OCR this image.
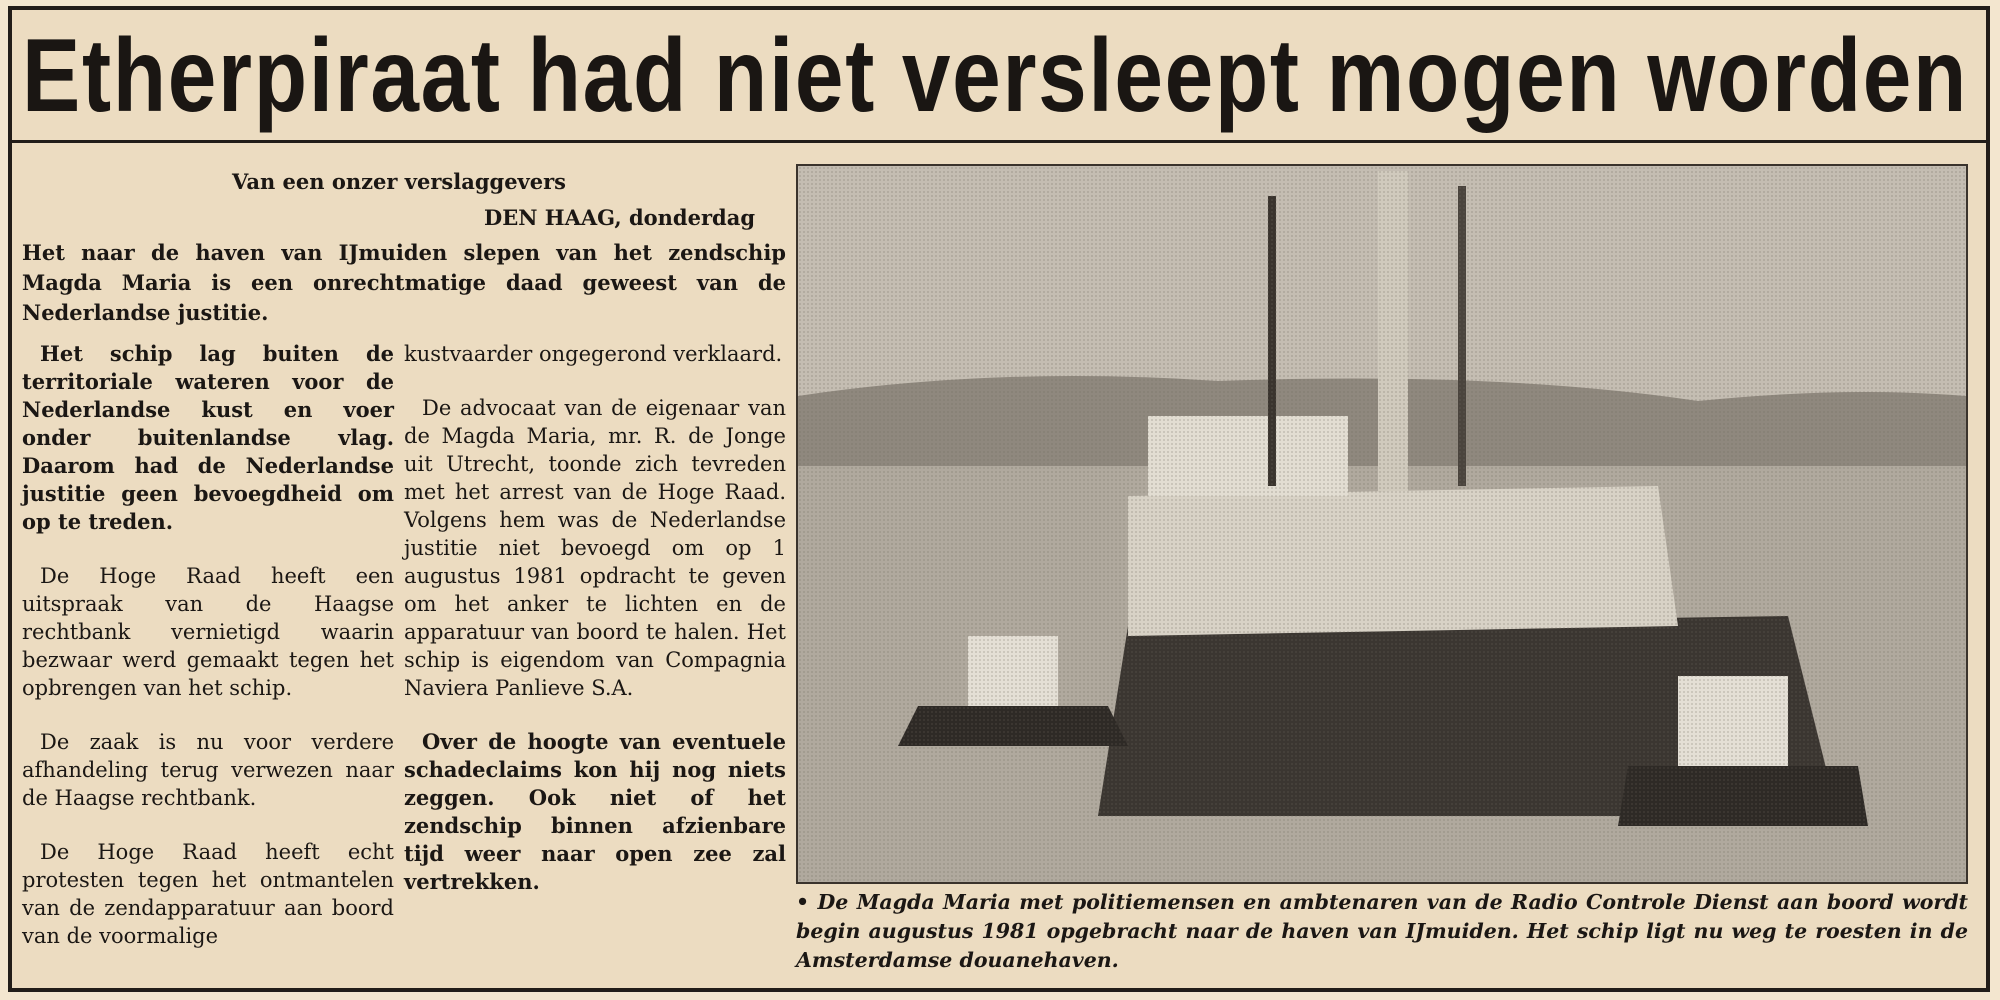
Etherpiraat had niet versleept mogen worden
Van een onzer verslaggevers
DEN HAAG, donderdag

Het naar de haven van IJmuiden slepen van het zendschip Magda Maria is een onrechtmatige daad geweest van de Nederlandse justitie.

Het schip lag buiten de territoriale wateren voor de Nederlandse kust en voer onder buitenlandse vlag. Daarom had de Nederlandse justitie geen bevoegdheid om op te treden.

De Hoge Raad heeft een uitspraak van de Haagse rechtbank vernietigd waarin bezwaar werd gemaakt tegen het opbrengen van het schip.

De zaak is nu voor verdere afhandeling terug verwezen naar de Haagse rechtbank.

De Hoge Raad heeft echt protesten tegen het ontmantelen van de zendapparatuur aan boord van de voormalige

kustvaarder ongegerond verklaard.

De advocaat van de eigenaar van de Magda Maria, mr. R. de Jonge uit Utrecht, toonde zich tevreden met het arrest van de Hoge Raad. Volgens hem was de Nederlandse justitie niet bevoegd om op 1 augustus 1981 opdracht te geven om het anker te lichten en de apparatuur van boord te halen. Het schip is eigendom van Compagnia Naviera Panlieve S.A.

Over de hoogte van eventuele schadeclaims kon hij nog niets zeggen. Ook niet of het zendschip binnen afzienbare tijd weer naar open zee zal vertrekken.

• De Magda Maria met politiemensen en ambtenaren van de Radio Controle Dienst aan boord wordt begin augustus 1981 opgebracht naar de haven van IJmuiden. Het schip ligt nu weg te roesten in de Amsterdamse douanehaven.
